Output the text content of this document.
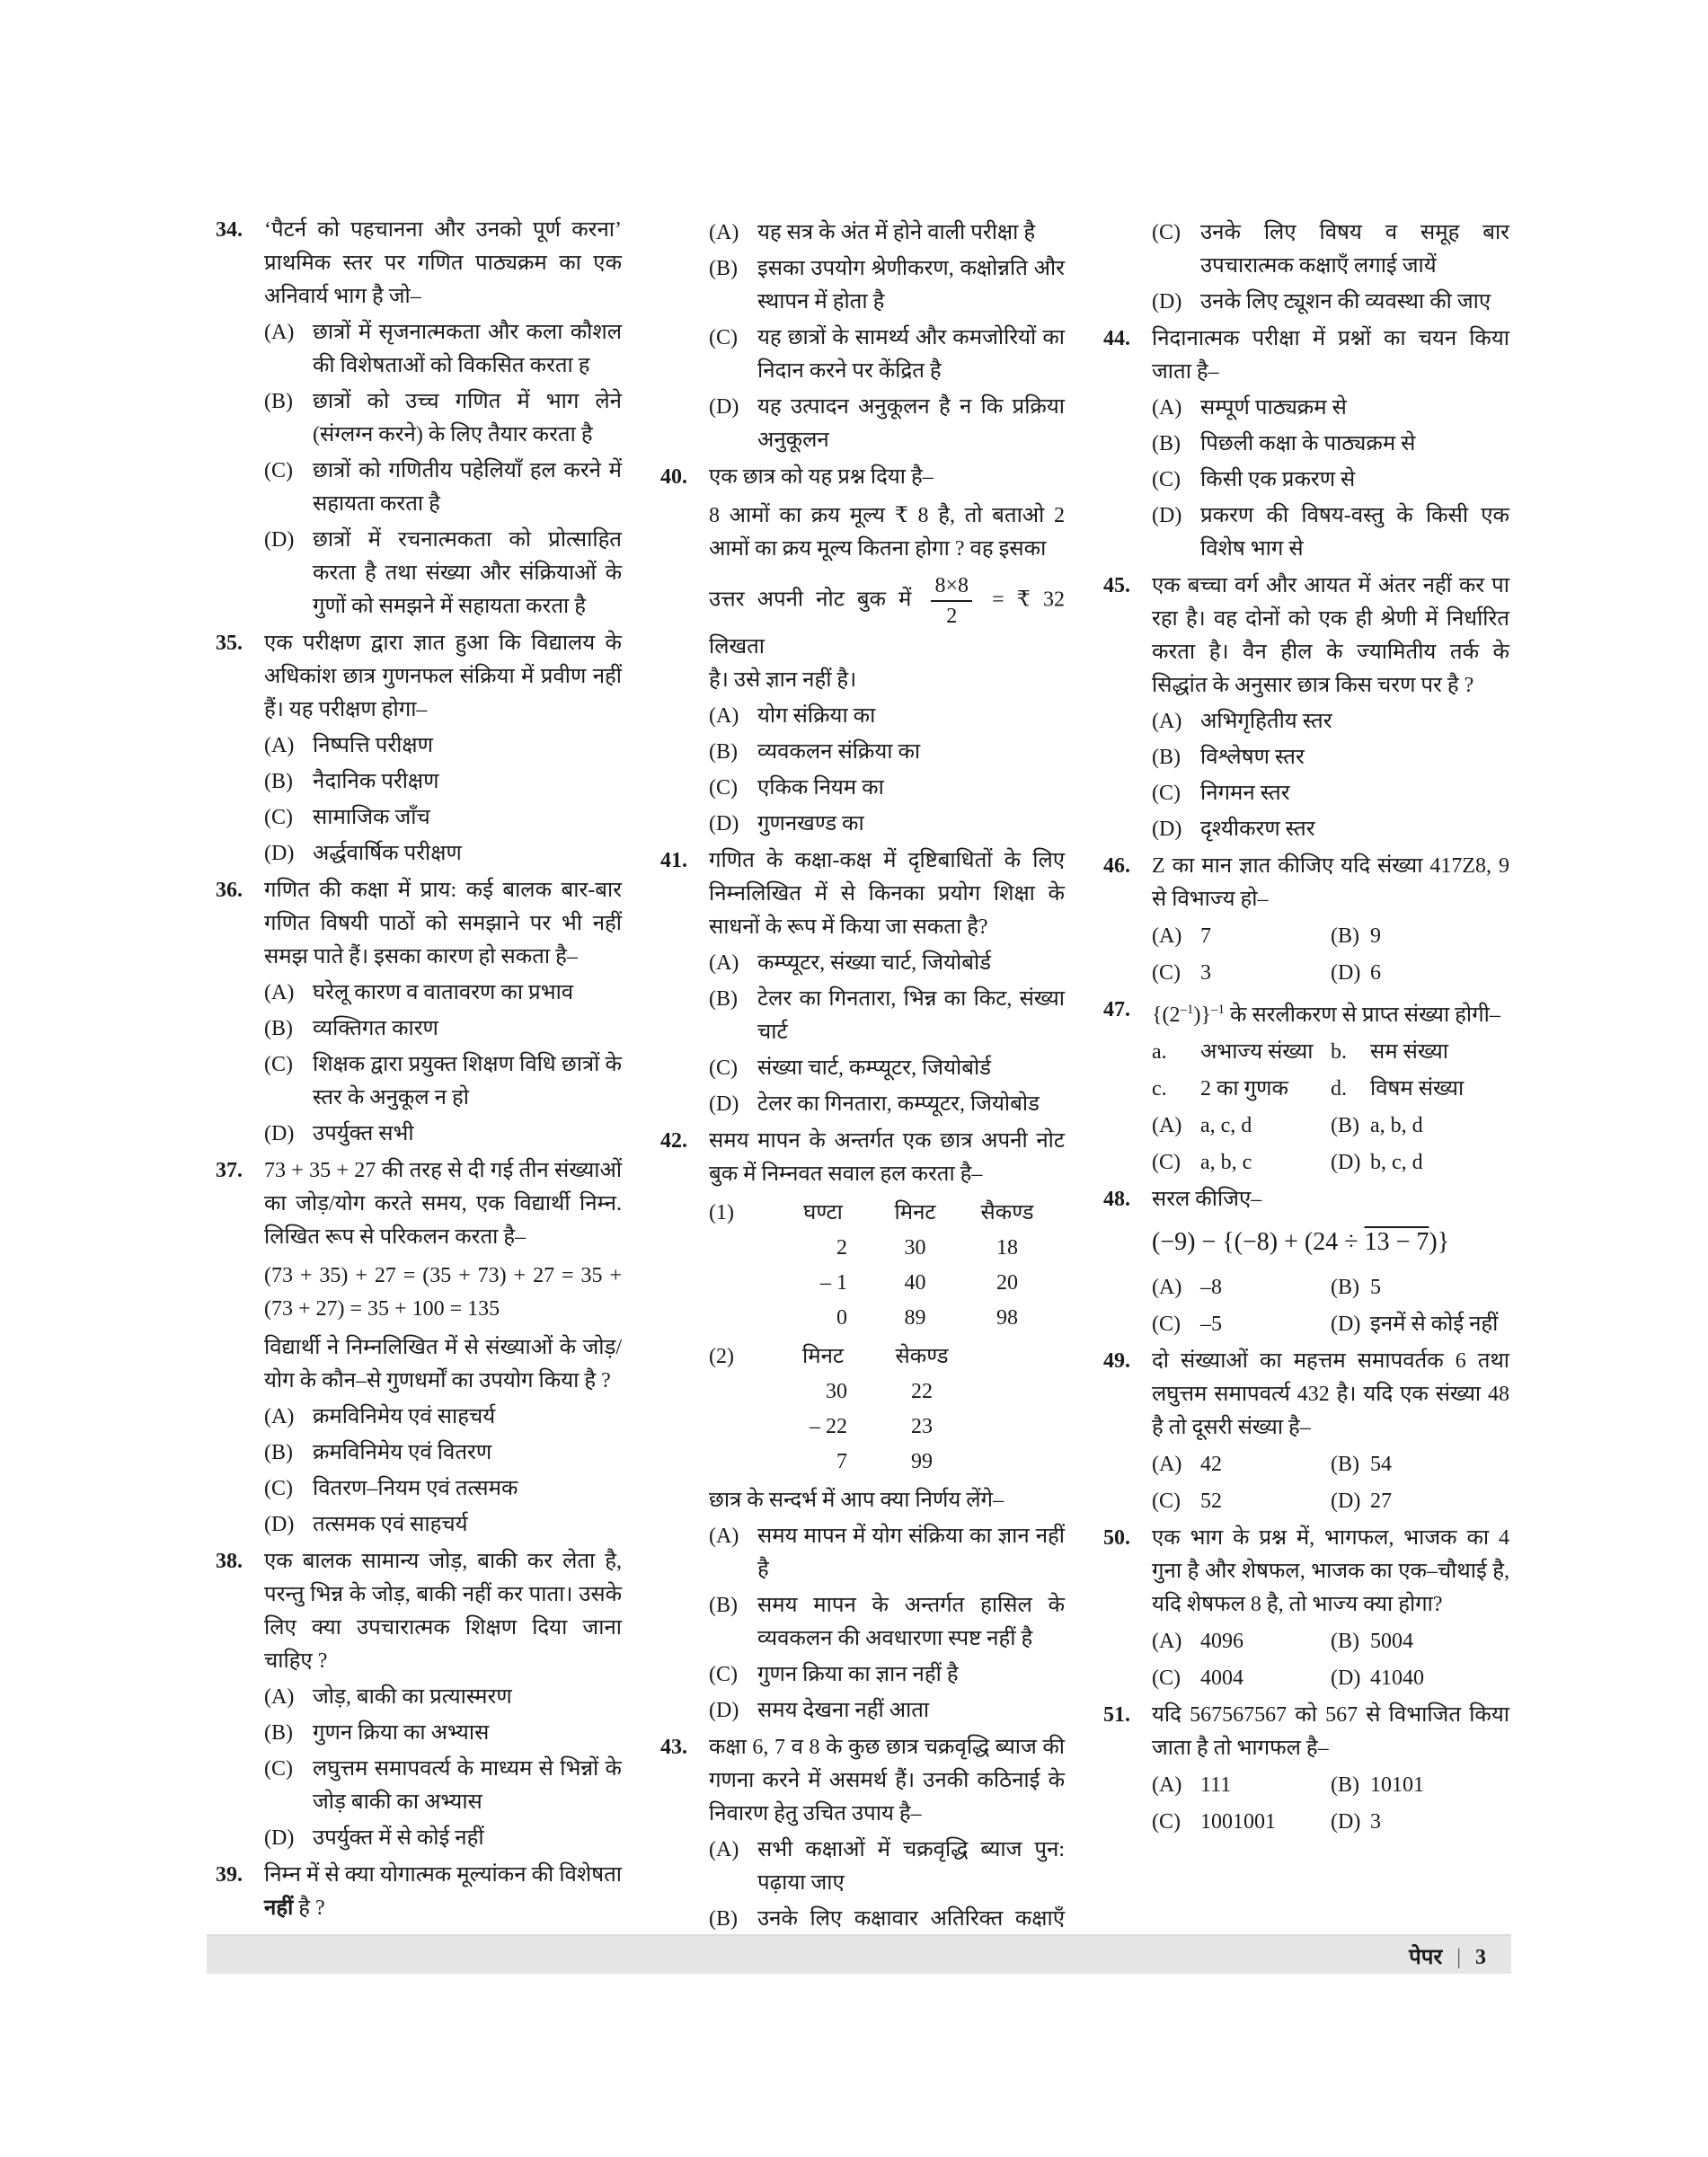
34. ‘पैटर्न को पहचानना और उनको पूर्ण करना’ प्राथमिक स्तर पर गणित पाठ्यक्रम का एक अनिवार्य भाग है जो–
(A) छात्रों में सृजनात्मकता और कला कौशल की विशेषताओं को विकसित करता ह
(B) छात्रों को उच्च गणित में भाग लेने (संग्लग्न करने) के लिए तैयार करता है
(C) छात्रों को गणितीय पहेलियाँ हल करने में सहायता करता है
(D) छात्रों में रचनात्मकता को प्रोत्साहित करता है तथा संख्या और संक्रियाओं के गुणों को समझने में सहायता करता है
35. एक परीक्षण द्वारा ज्ञात हुआ कि विद्यालय के अधिकांश छात्र गुणनफल संक्रिया में प्रवीण नहीं हैं। यह परीक्षण होगा–
(A) निष्पत्ति परीक्षण
(B) नैदानिक परीक्षण
(C) सामाजिक जाँच
(D) अर्द्धवार्षिक परीक्षण
36. गणित की कक्षा में प्राय: कई बालक बार-बार गणित विषयी पाठों को समझाने पर भी नहीं समझ पाते हैं। इसका कारण हो सकता है–
(A) घरेलू कारण व वातावरण का प्रभाव
(B) व्यक्तिगत कारण
(C) शिक्षक द्वारा प्रयुक्त शिक्षण विधि छात्रों के स्तर के अनुकूल न हो
(D) उपर्युक्त सभी
37. 73 + 35 + 27 की तरह से दी गई तीन संख्याओं का जोड़/योग करते समय, एक विद्यार्थी निम्न. लिखित रूप से परिकलन करता है–
(73 + 35) + 27 = (35 + 73) + 27 = 35 + (73 + 27) = 35 + 100 = 135
विद्यार्थी ने निम्नलिखित में से संख्याओं के जोड़/योग के कौन–से गुणधर्मों का उपयोग किया है ?
(A) क्रमविनिमेय एवं साहचर्य
(B) क्रमविनिमेय एवं वितरण
(C) वितरण–नियम एवं तत्समक
(D) तत्समक एवं साहचर्य
38. एक बालक सामान्य जोड़, बाकी कर लेता है, परन्तु भिन्न के जोड़, बाकी नहीं कर पाता। उसके लिए क्या उपचारात्मक शिक्षण दिया जाना चाहिए ?
(A) जोड़, बाकी का प्रत्यास्मरण
(B) गुणन क्रिया का अभ्यास
(C) लघुत्तम समापवर्त्य के माध्यम से भिन्नों के जोड़ बाकी का अभ्यास
(D) उपर्युक्त में से कोई नहीं
39. निम्न में से क्या योगात्मक मूल्यांकन की विशेषता नहीं है ?
(A) यह सत्र के अंत में होने वाली परीक्षा है
(B) इसका उपयोग श्रेणीकरण, कक्षोन्नति और स्थापन में होता है
(C) यह छात्रों के सामर्थ्य और कमजोरियों का निदान करने पर केंद्रित है
(D) यह उत्पादन अनुकूलन है न कि प्रक्रिया अनुकूलन
40. एक छात्र को यह प्रश्न दिया है–
8 आमों का क्रय मूल्य ₹ 8 है, तो बताओ 2 आमों का क्रय मूल्य कितना होगा ? वह इसका
उत्तर अपनी नोट बुक में $\frac{8\times 8}{2}$ = ₹ 32 लिखता
है। उसे ज्ञान नहीं है।
(A) योग संक्रिया का
(B) व्यवकलन संक्रिया का
(C) एकिक नियम का
(D) गुणनखण्ड का
41. गणित के कक्षा-कक्ष में दृष्टिबाधितों के लिए निम्नलिखित में से किनका प्रयोग शिक्षा के साधनों के रूप में किया जा सकता है?
(A) कम्प्यूटर, संख्या चार्ट, जियोबोर्ड
(B) टेलर का गिनतारा, भिन्न का किट, संख्या चार्ट
(C) संख्या चार्ट, कम्प्यूटर, जियोबोर्ड
(D) टेलर का गिनतारा, कम्प्यूटर, जियोबोड
42. समय मापन के अन्तर्गत एक छात्र अपनी नोट बुक में निम्नवत सवाल हल करता है–
(1)	घण्टा	मिनट	सैकण्ड
2	30	18
– 1	40	20
0	89	98
(2)	मिनट	सेकण्ड
30	22
– 22	23
7	99
छात्र के सन्दर्भ में आप क्या निर्णय लेंगे–
(A) समय मापन में योग संक्रिया का ज्ञान नहीं है
(B) समय मापन के अन्तर्गत हासिल के व्यवकलन की अवधारणा स्पष्ट नहीं है
(C) गुणन क्रिया का ज्ञान नहीं है
(D) समय देखना नहीं आता
43. कक्षा 6, 7 व 8 के कुछ छात्र चक्रवृद्धि ब्याज की गणना करने में असमर्थ हैं। उनकी कठिनाई के निवारण हेतु उचित उपाय है–
(A) सभी कक्षाओं में चक्रवृद्धि ब्याज पुन: पढ़ाया जाए
(B) उनके लिए कक्षावार अतिरिक्त कक्षाएँ
(C) उनके लिए विषय व समूह बार उपचारात्मक कक्षाएँ लगाई जायें
(D) उनके लिए ट्यूशन की व्यवस्था की जाए
44. निदानात्मक परीक्षा में प्रश्नों का चयन किया जाता है–
(A) सम्पूर्ण पाठ्यक्रम से
(B) पिछली कक्षा के पाठ्यक्रम से
(C) किसी एक प्रकरण से
(D) प्रकरण की विषय-वस्तु के किसी एक विशेष भाग से
45. एक बच्चा वर्ग और आयत में अंतर नहीं कर पा रहा है। वह दोनों को एक ही श्रेणी में निर्धारित करता है। वैन हील के ज्यामितीय तर्क के सिद्धांत के अनुसार छात्र किस चरण पर है ?
(A) अभिगृहितीय स्तर
(B) विश्लेषण स्तर
(C) निगमन स्तर
(D) दृश्यीकरण स्तर
46. Z का मान ज्ञात कीजिए यदि संख्या 417Z8, 9 से विभाज्य हो–
(A) 7	(B) 9
(C) 3	(D) 6
47. $\{(2^{-1})\}^{-1}$ के सरलीकरण से प्राप्त संख्या होगी–
a. अभाज्य संख्या b. सम संख्या
c. 2 का गुणक	d. विषम संख्या
(A) a, c, d	(B) a, b, d
(C) a, b, c	(D) b, c, d
48. सरल कीजिए–
(−9) − {(−8) + (24 ÷ 13 − 7)}
(A) –8	(B) 5
(C) –5	(D) इनमें से कोई नहीं
49. दो संख्याओं का महत्तम समापवर्तक 6 तथा लघुत्तम समापवर्त्य 432 है। यदि एक संख्या 48 है तो दूसरी संख्या है–
(A) 42	(B) 54
(C) 52	(D) 27
50. एक भाग के प्रश्न में, भागफल, भाजक का 4 गुना है और शेषफल, भाजक का एक–चौथाई है, यदि शेषफल 8 है, तो भाज्य क्या होगा?
(A) 4096	(B) 5004
(C) 4004	(D) 41040
51. यदि 567567567 को 567 से विभाजित किया जाता है तो भागफल है–
(A) 111	(B) 10101
(C) 1001001	(D) 3
पेपर | 3
